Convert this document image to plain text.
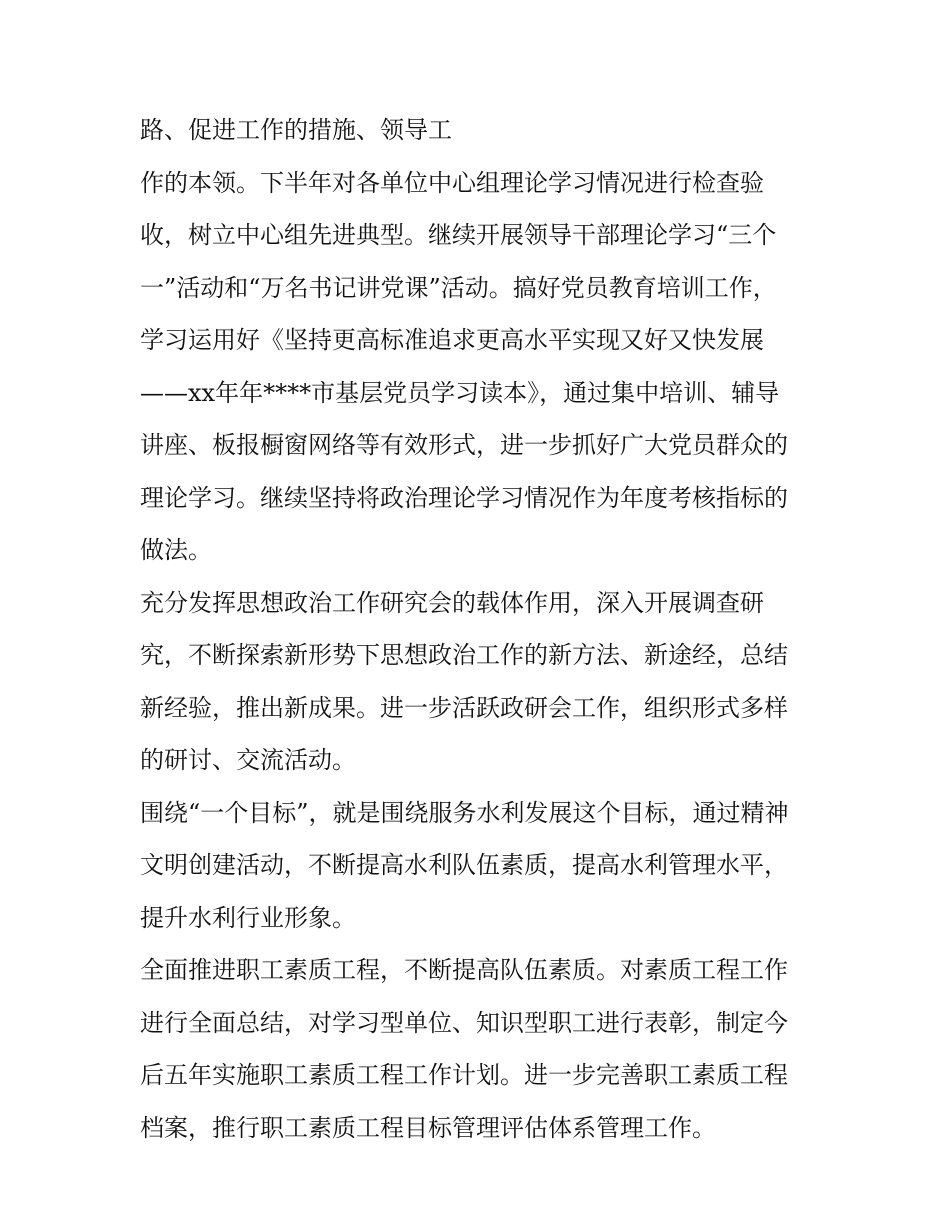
路、促进工作的措施、领导工
作的本领。下半年对各单位中心组理论学习情况进行检查验
收，树立中心组先进典型。继续开展领导干部理论学习“三个
一”活动和“万名书记讲党课”活动。搞好党员教育培训工作，
学习运用好《坚持更高标准追求更高水平实现又好又快发展
——xx年年****市基层党员学习读本》，通过集中培训、辅导
讲座、板报橱窗网络等有效形式，进一步抓好广大党员群众的
理论学习。继续坚持将政治理论学习情况作为年度考核指标的
做法。
充分发挥思想政治工作研究会的载体作用，深入开展调查研
究，不断探索新形势下思想政治工作的新方法、新途经，总结
新经验，推出新成果。进一步活跃政研会工作，组织形式多样
的研讨、交流活动。
围绕“一个目标”，就是围绕服务水利发展这个目标，通过精神
文明创建活动，不断提高水利队伍素质，提高水利管理水平，
提升水利行业形象。
全面推进职工素质工程，不断提高队伍素质。对素质工程工作
进行全面总结，对学习型单位、知识型职工进行表彰，制定今
后五年实施职工素质工程工作计划。进一步完善职工素质工程
档案，推行职工素质工程目标管理评估体系管理工作。
